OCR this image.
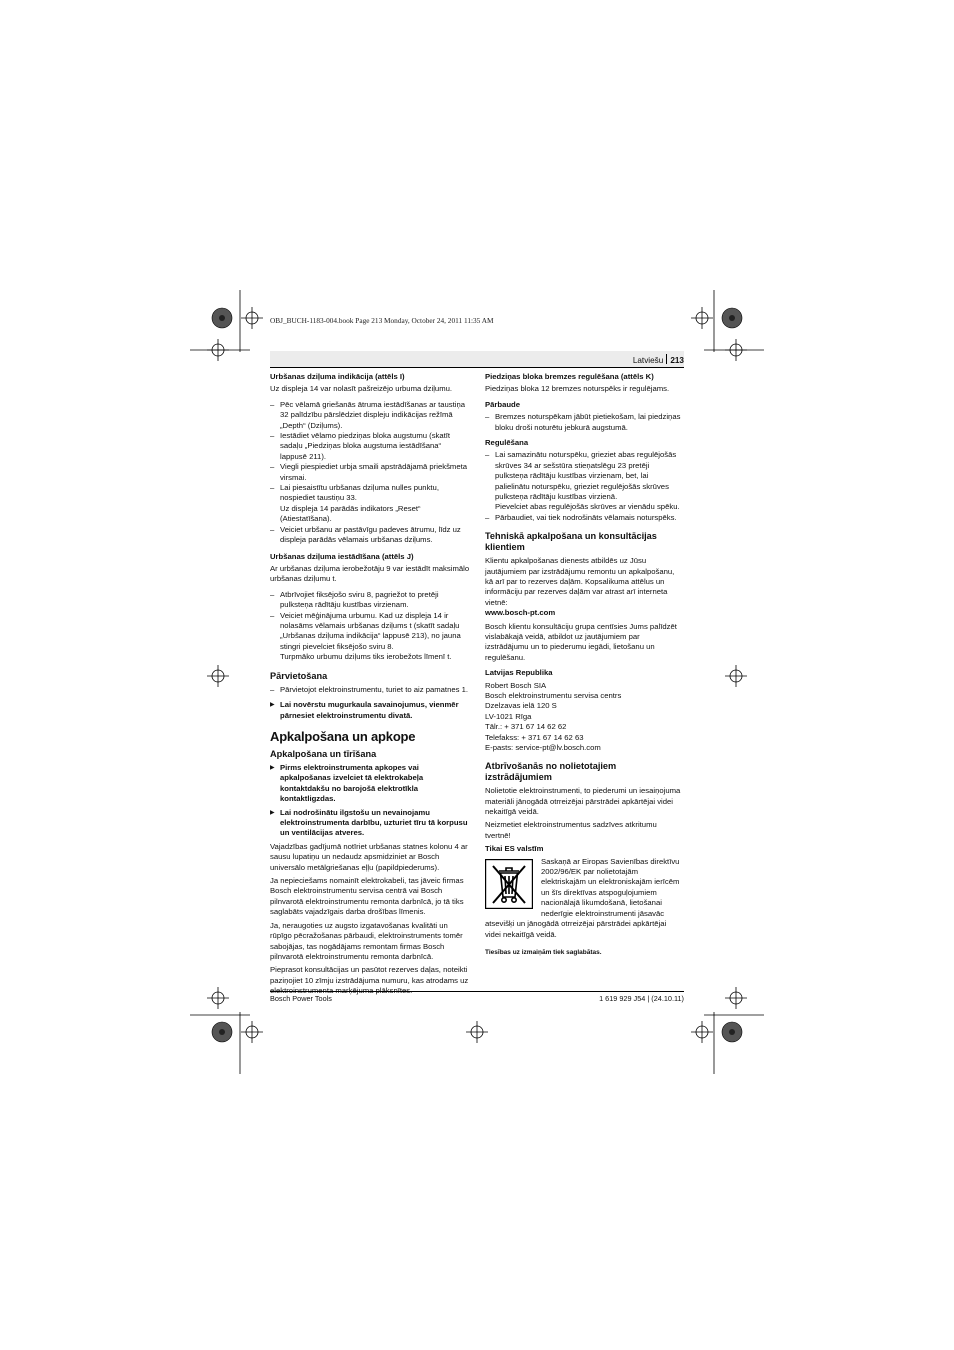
OBJ_BUCH-1183-004.book Page 213 Monday, October 24, 2011 11:35 AM
Latviešu 213
Urbšanas dziļuma indikācija (attēls I)
Uz displeja 14 var nolasīt pašreizējo urbuma dziļumu.
– Pēc vēlamā griešanās ātruma iestādīšanas ar taustiņa 32 palīdzību pārslēdziet displeju indikācijas režīmā „Depth“ (Dziļums).
– Iestādiet vēlamo piedziņas bloka augstumu (skatīt sadaļu „Piedziņas bloka augstuma iestādīšana“ lappusē 211).
– Viegli piespiediet urbja smaili apstrādājamā priekšmeta virsmai.
– Lai piesaistītu urbšanas dziļuma nulles punktu, nospiediet taustiņu 33.
Uz displeja 14 parādās indikators „Reset“ (Atiestatīšana).
– Veiciet urbšanu ar pastāvīgu padeves ātrumu, līdz uz displeja parādās vēlamais urbšanas dziļums.
Urbšanas dziļuma iestādīšana (attēls J)
Ar urbšanas dziļuma ierobežotāju 9 var iestādīt maksimālo urbšanas dziļumu t.
– Atbrīvojiet fiksējošo sviru 8, pagriežot to pretēji pulksteņa rādītāju kustības virzienam.
– Veiciet mēģinājuma urbumu. Kad uz displeja 14 ir nolasāms vēlamais urbšanas dziļums t (skatīt sadaļu „Urbšanas dziļuma indikācija“ lappusē 213), no jauna stingri pievelciet fiksējošo sviru 8.
Turpmāko urbumu dziļums tiks ierobežots līmenī t.
Pārvietošana
– Pārvietojot elektroinstrumentu, turiet to aiz pamatnes 1.
▶ Lai novērstu mugurkaula savainojumus, vienmēr pārnesiet elektroinstrumentu divatā.
Apkalpošana un apkope
Apkalpošana un tīrīšana
▶ Pirms elektroinstrumenta apkopes vai apkalpošanas izvelciet tā elektrokabeļa kontaktdakšu no barojošā elektrotīkla kontaktligzdas.
▶ Lai nodrošinātu ilgstošu un nevainojamu elektroinstrumenta darbību, uzturiet tīru tā korpusu un ventilācijas atveres.
Vajadzības gadījumā notīriet urbšanas statnes kolonu 4 ar sausu lupatiņu un nedaudz apsmidziniet ar Bosch universālo metālgriešanas eļļu (papildpiederums).
Ja nepieciešams nomainīt elektrokabeli, tas jāveic firmas Bosch elektroinstrumentu servisa centrā vai Bosch pilnvarotā elektroinstrumentu remonta darbnīcā, jo tā tiks saglabāts vajadzīgais darba drošības līmenis.
Ja, neraugoties uz augsto izgatavošanas kvalitāti un rūpīgo pēcražošanas pārbaudi, elektroinstruments tomēr sabojājas, tas nogādājams remontam firmas Bosch pilnvarotā elektroinstrumentu remonta darbnīcā.
Pieprasot konsultācijas un pasūtot rezerves daļas, noteikti paziņojiet 10 zīmju izstrādājuma numuru, kas atrodams uz
Piedziņas bloka bremzes regulēšana (attēls K)
Piedziņas bloka 12 bremzes noturspēks ir regulējams.
Pārbaude
– Bremzes noturspēkam jābūt pietiekošam, lai piedziņas bloku droši noturētu jebkurā augstumā.
Regulēšana
– Lai samazinātu noturspēku, grieziet abas regulējošās skrūves 34 ar sešstūra stieņatslēgu 23 pretēji pulksteņa rādītāju kustības virzienam, bet, lai palielinātu noturspēku, grieziet regulējošās skrūves pulksteņa rādītāju kustības virzienā.
Pievelciet abas regulējošās skrūves ar vienādu spēku.
– Pārbaudiet, vai tiek nodrošināts vēlamais noturspēks.
Tehniskā apkalpošana un konsultācijas klientiem
Klientu apkalpošanas dienests atbildēs uz Jūsu jautājumiem par izstrādājumu remontu un apkalpošanu, kā arī par to rezerves daļām. Kopsalikuma attēlus un informāciju par rezerves daļām var atrast arī interneta vietnē:
www.bosch-pt.com
Bosch klientu konsultāciju grupa centīsies Jums palīdzēt vislabākajā veidā, atbildot uz jautājumiem par izstrādājumu un to piederumu iegādi, lietošanu un regulēšanu.
Latvijas Republika
Robert Bosch SIA
Bosch elektroinstrumentu servisa centrs
Dzelzavas ielā 120 S
LV-1021 Rīga
Tālr.: + 371 67 14 62 62
Telefakss: + 371 67 14 62 63
E-pasts: service-pt@lv.bosch.com
Atbrīvošanās no nolietotajiem izstrādājumiem
Nolietotie elektroinstrumenti, to piederumi un iesaiņojuma materiāli jānogādā otrreizējai pārstrādei apkārtējai videi nekaitīgā veidā.
Neizmetiet elektroinstrumentus sadzīves atkritumu tvertnē!
Tikai ES valstīm
Saskaņā ar Eiropas Savienības direktīvu 2002/96/EK par nolietotajām elektriskajām un elektroniskajām ierīcēm un šīs direktīvas atspoguļojumiem nacionālajā likumdošanā, lietošanai nederīgie elektroinstrumenti jāsavāc atsevišķi un jānogādā otrreizējai pārstrādei apkārtējai videi nekaitīgā veidā.
Tiesības uz izmaiņām tiek saglabātas.
Bosch Power Tools	1 619 929 J54 | (24.10.11)
